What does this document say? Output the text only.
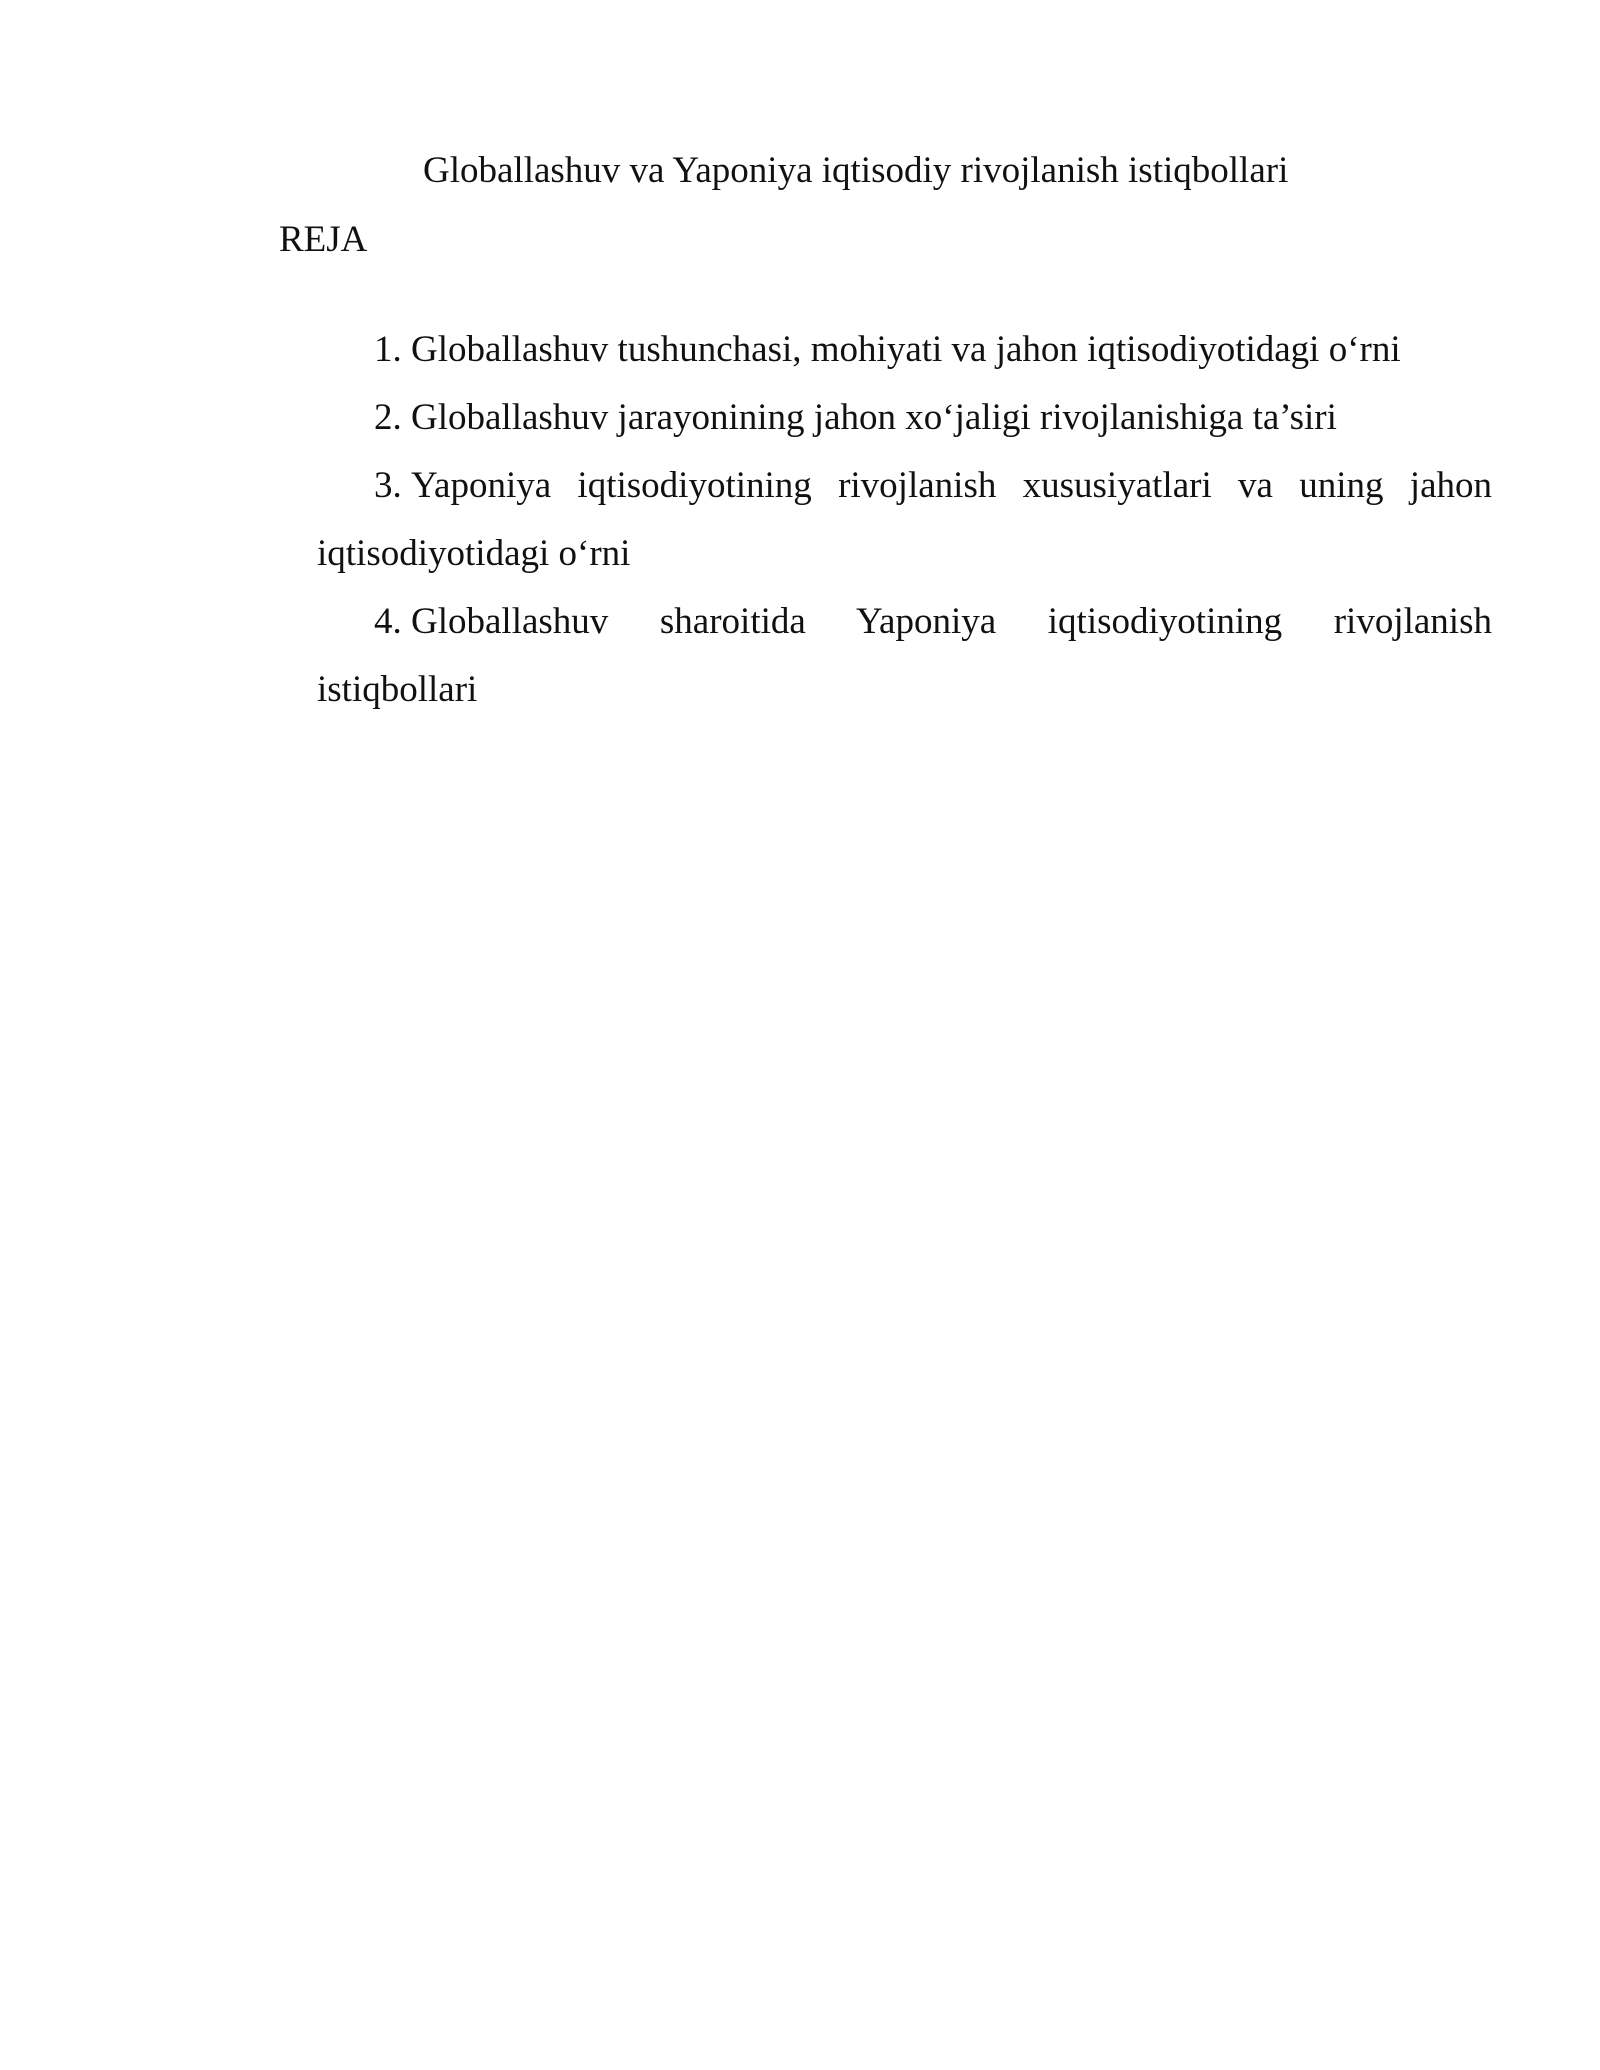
Globallashuv va Yaponiya iqtisodiy rivojlanish istiqbollari
REJA
1. Globallashuv tushunchasi, mohiyati va jahon iqtisodiyotidagi o‘rni
2. Globallashuv jarayonining jahon xo‘jaligi rivojlanishiga ta’siri
3. Yaponiya iqtisodiyotining rivojlanish xususiyatlari va uning jahon iqtisodiyotidagi o‘rni
4. Globallashuv sharoitida Yaponiya iqtisodiyotining rivojlanish istiqbollari
